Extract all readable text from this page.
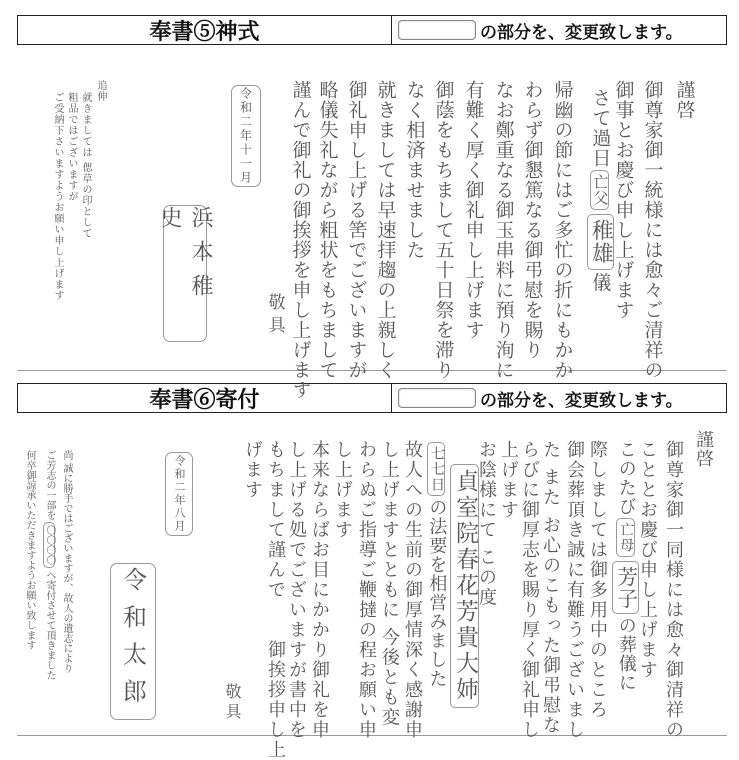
奉書⑤神式	の部分を、変更致します。
奉書⑥寄付	の部分を、変更致します。
謹啓
御尊家御一統様には愈々ご清祥の
御事とお慶び申し上げます
さて過日亡父稚雄儀
帰幽の節にはご多忙の折にもかか
わらず御懇篤なる御弔慰を賜り
なお鄭重なる御玉串料に預り洵に
有難く厚く御礼申し上げます
御蔭をもちまして五十日祭を滞り
なく相済ませました
就きましては早速拝趨の上親しく
御礼申し上げる筈でございますが
略儀失礼ながら粗状をもちまして
謹んで御礼の御挨拶を申し上げます
敬具
令和二年十一月
浜本稚史
追伸
就きましては 偲草の印として
粗品ではございますが
ご受納下さいますようお願い申し上げます
謹啓
御尊家御一同様には愈々御清祥の
こととお慶び申し上げます
このたび亡母芳子の葬儀に
際しましては御多用中のところ
御会葬頂き誠に有難うございまし
た また お心のこもった御弔慰な
らびに御厚志を賜り厚く御礼申し
上げます
お陰様にて この度
貞室院春花芳貴大姉
七七日の法要を相営みました
故人への生前の御厚情深く感謝申
し上げますとともに 今後とも変
わらぬご指導ご鞭撻の程お願い申
し上げます
本来ならばお目にかかり御礼を申
し上げる処でございますが書中を
もちまして謹んで　　御挨拶申し上
げます
敬具
令和二年八月
令和太郎
尚 誠に勝手ではございますが、故人の遺志により
ご芳志の一部を〇〇〇〇へ寄付させて頂きました
何卒御諒承いただきますようお願い致します
